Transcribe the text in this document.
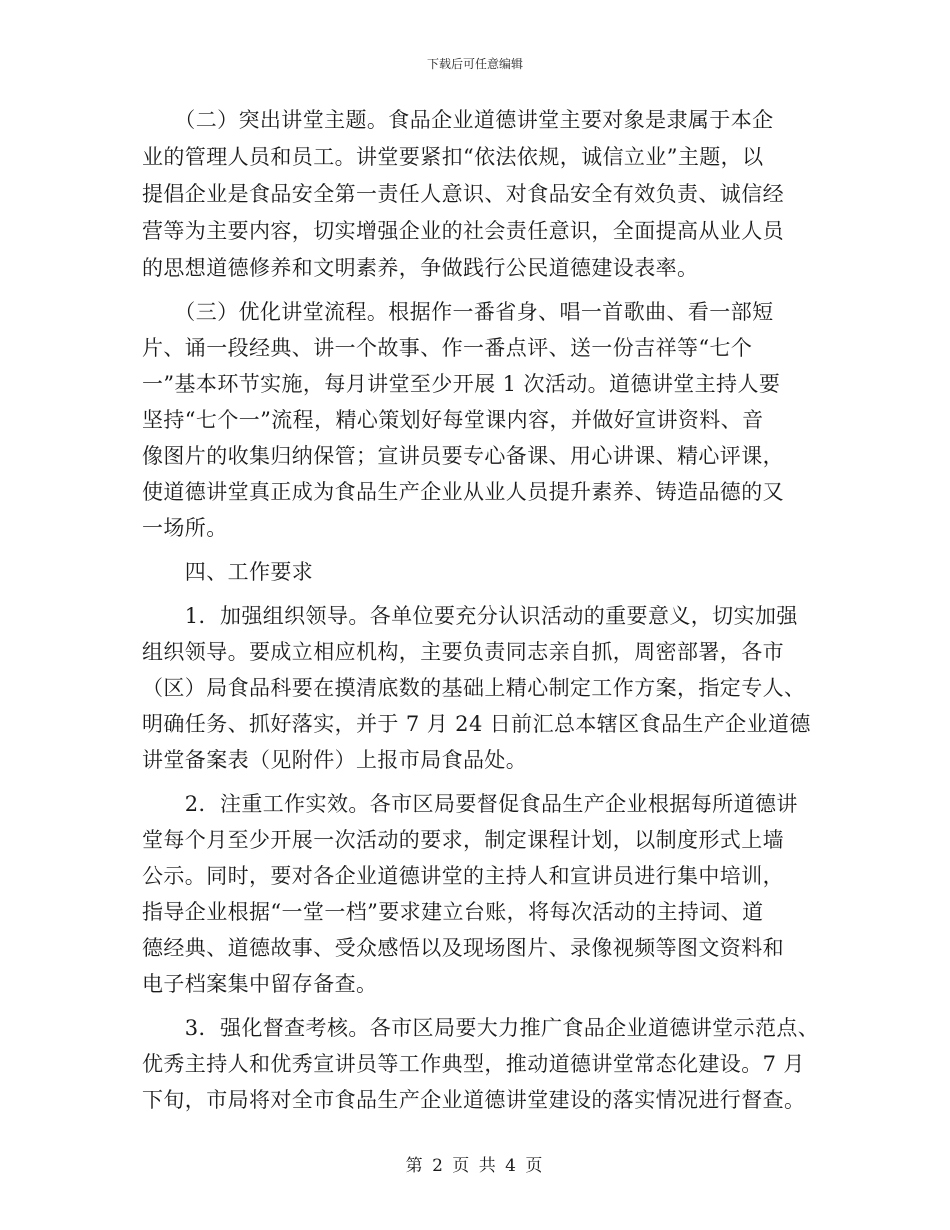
下载后可任意编辑
　　（二）突出讲堂主题。食品企业道德讲堂主要对象是隶属于本企
业的管理人员和员工。讲堂要紧扣“依法依规，诚信立业”主题，以
提倡企业是食品安全第一责任人意识、对食品安全有效负责、诚信经
营等为主要内容，切实增强企业的社会责任意识，全面提高从业人员
的思想道德修养和文明素养，争做践行公民道德建设表率。
　　（三）优化讲堂流程。根据作一番省身、唱一首歌曲、看一部短
片、诵一段经典、讲一个故事、作一番点评、送一份吉祥等“七个
一”基本环节实施，每月讲堂至少开展 1 次活动。道德讲堂主持人要
坚持“七个一”流程，精心策划好每堂课内容，并做好宣讲资料、音
像图片的收集归纳保管；宣讲员要专心备课、用心讲课、精心评课，
使道德讲堂真正成为食品生产企业从业人员提升素养、铸造品德的又
一场所。
　　四、工作要求
　　1．加强组织领导。各单位要充分认识活动的重要意义，切实加强
组织领导。要成立相应机构，主要负责同志亲自抓，周密部署，各市
（区）局食品科要在摸清底数的基础上精心制定工作方案，指定专人、
明确任务、抓好落实，并于 7 月 24 日前汇总本辖区食品生产企业道德
讲堂备案表（见附件）上报市局食品处。
　　2．注重工作实效。各市区局要督促食品生产企业根据每所道德讲
堂每个月至少开展一次活动的要求，制定课程计划，以制度形式上墙
公示。同时，要对各企业道德讲堂的主持人和宣讲员进行集中培训，
指导企业根据“一堂一档”要求建立台账，将每次活动的主持词、道
德经典、道德故事、受众感悟以及现场图片、录像视频等图文资料和
电子档案集中留存备查。
　　3．强化督查考核。各市区局要大力推广食品企业道德讲堂示范点、
优秀主持人和优秀宣讲员等工作典型，推动道德讲堂常态化建设。7 月
下旬，市局将对全市食品生产企业道德讲堂建设的落实情况进行督查。
第 2 页 共 4 页
